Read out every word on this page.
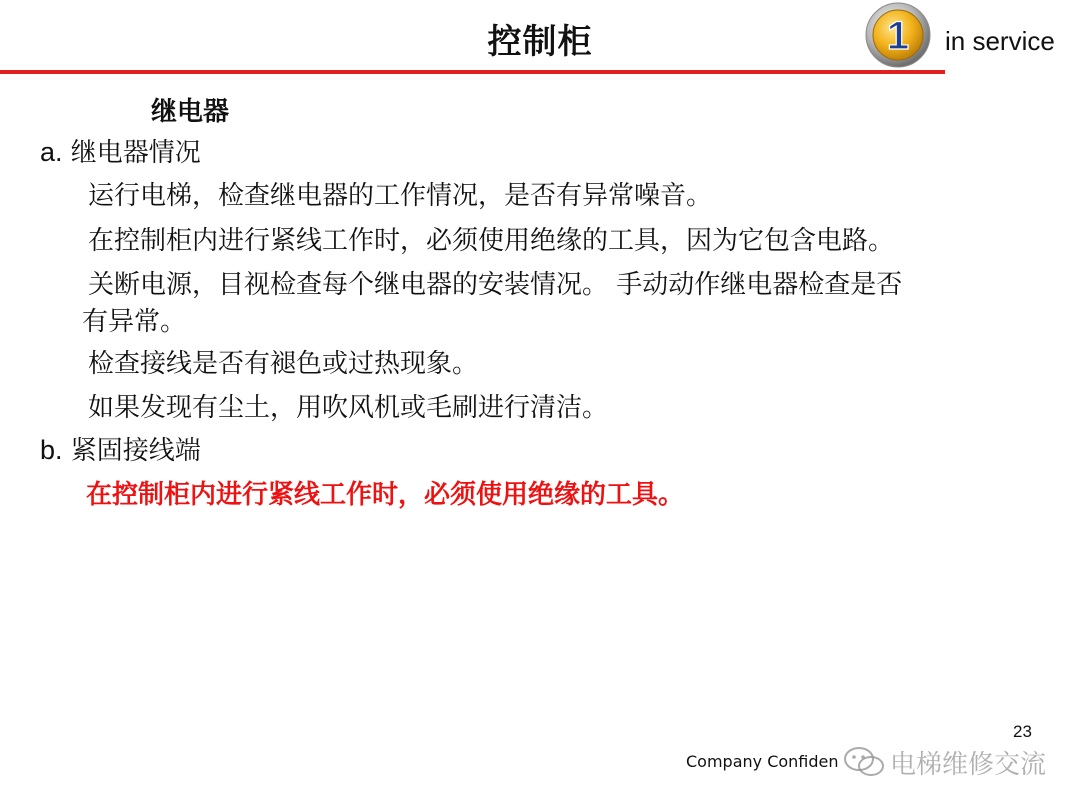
控制柜	1 in service
继电器
a. 继电器情况
运行电梯，检查继电器的工作情况，是否有异常噪音。
在控制柜内进行紧线工作时，必须使用绝缘的工具，因为它包含电路。
关断电源，目视检查每个继电器的安装情况。 手动动作继电器检查是否
有异常。
检查接线是否有褪色或过热现象。
如果发现有尘土，用吹风机或毛刷进行清洁。
b. 紧固接线端
在控制柜内进行紧线工作时，必须使用绝缘的工具。
23
Company Confiden 电梯维修交流
